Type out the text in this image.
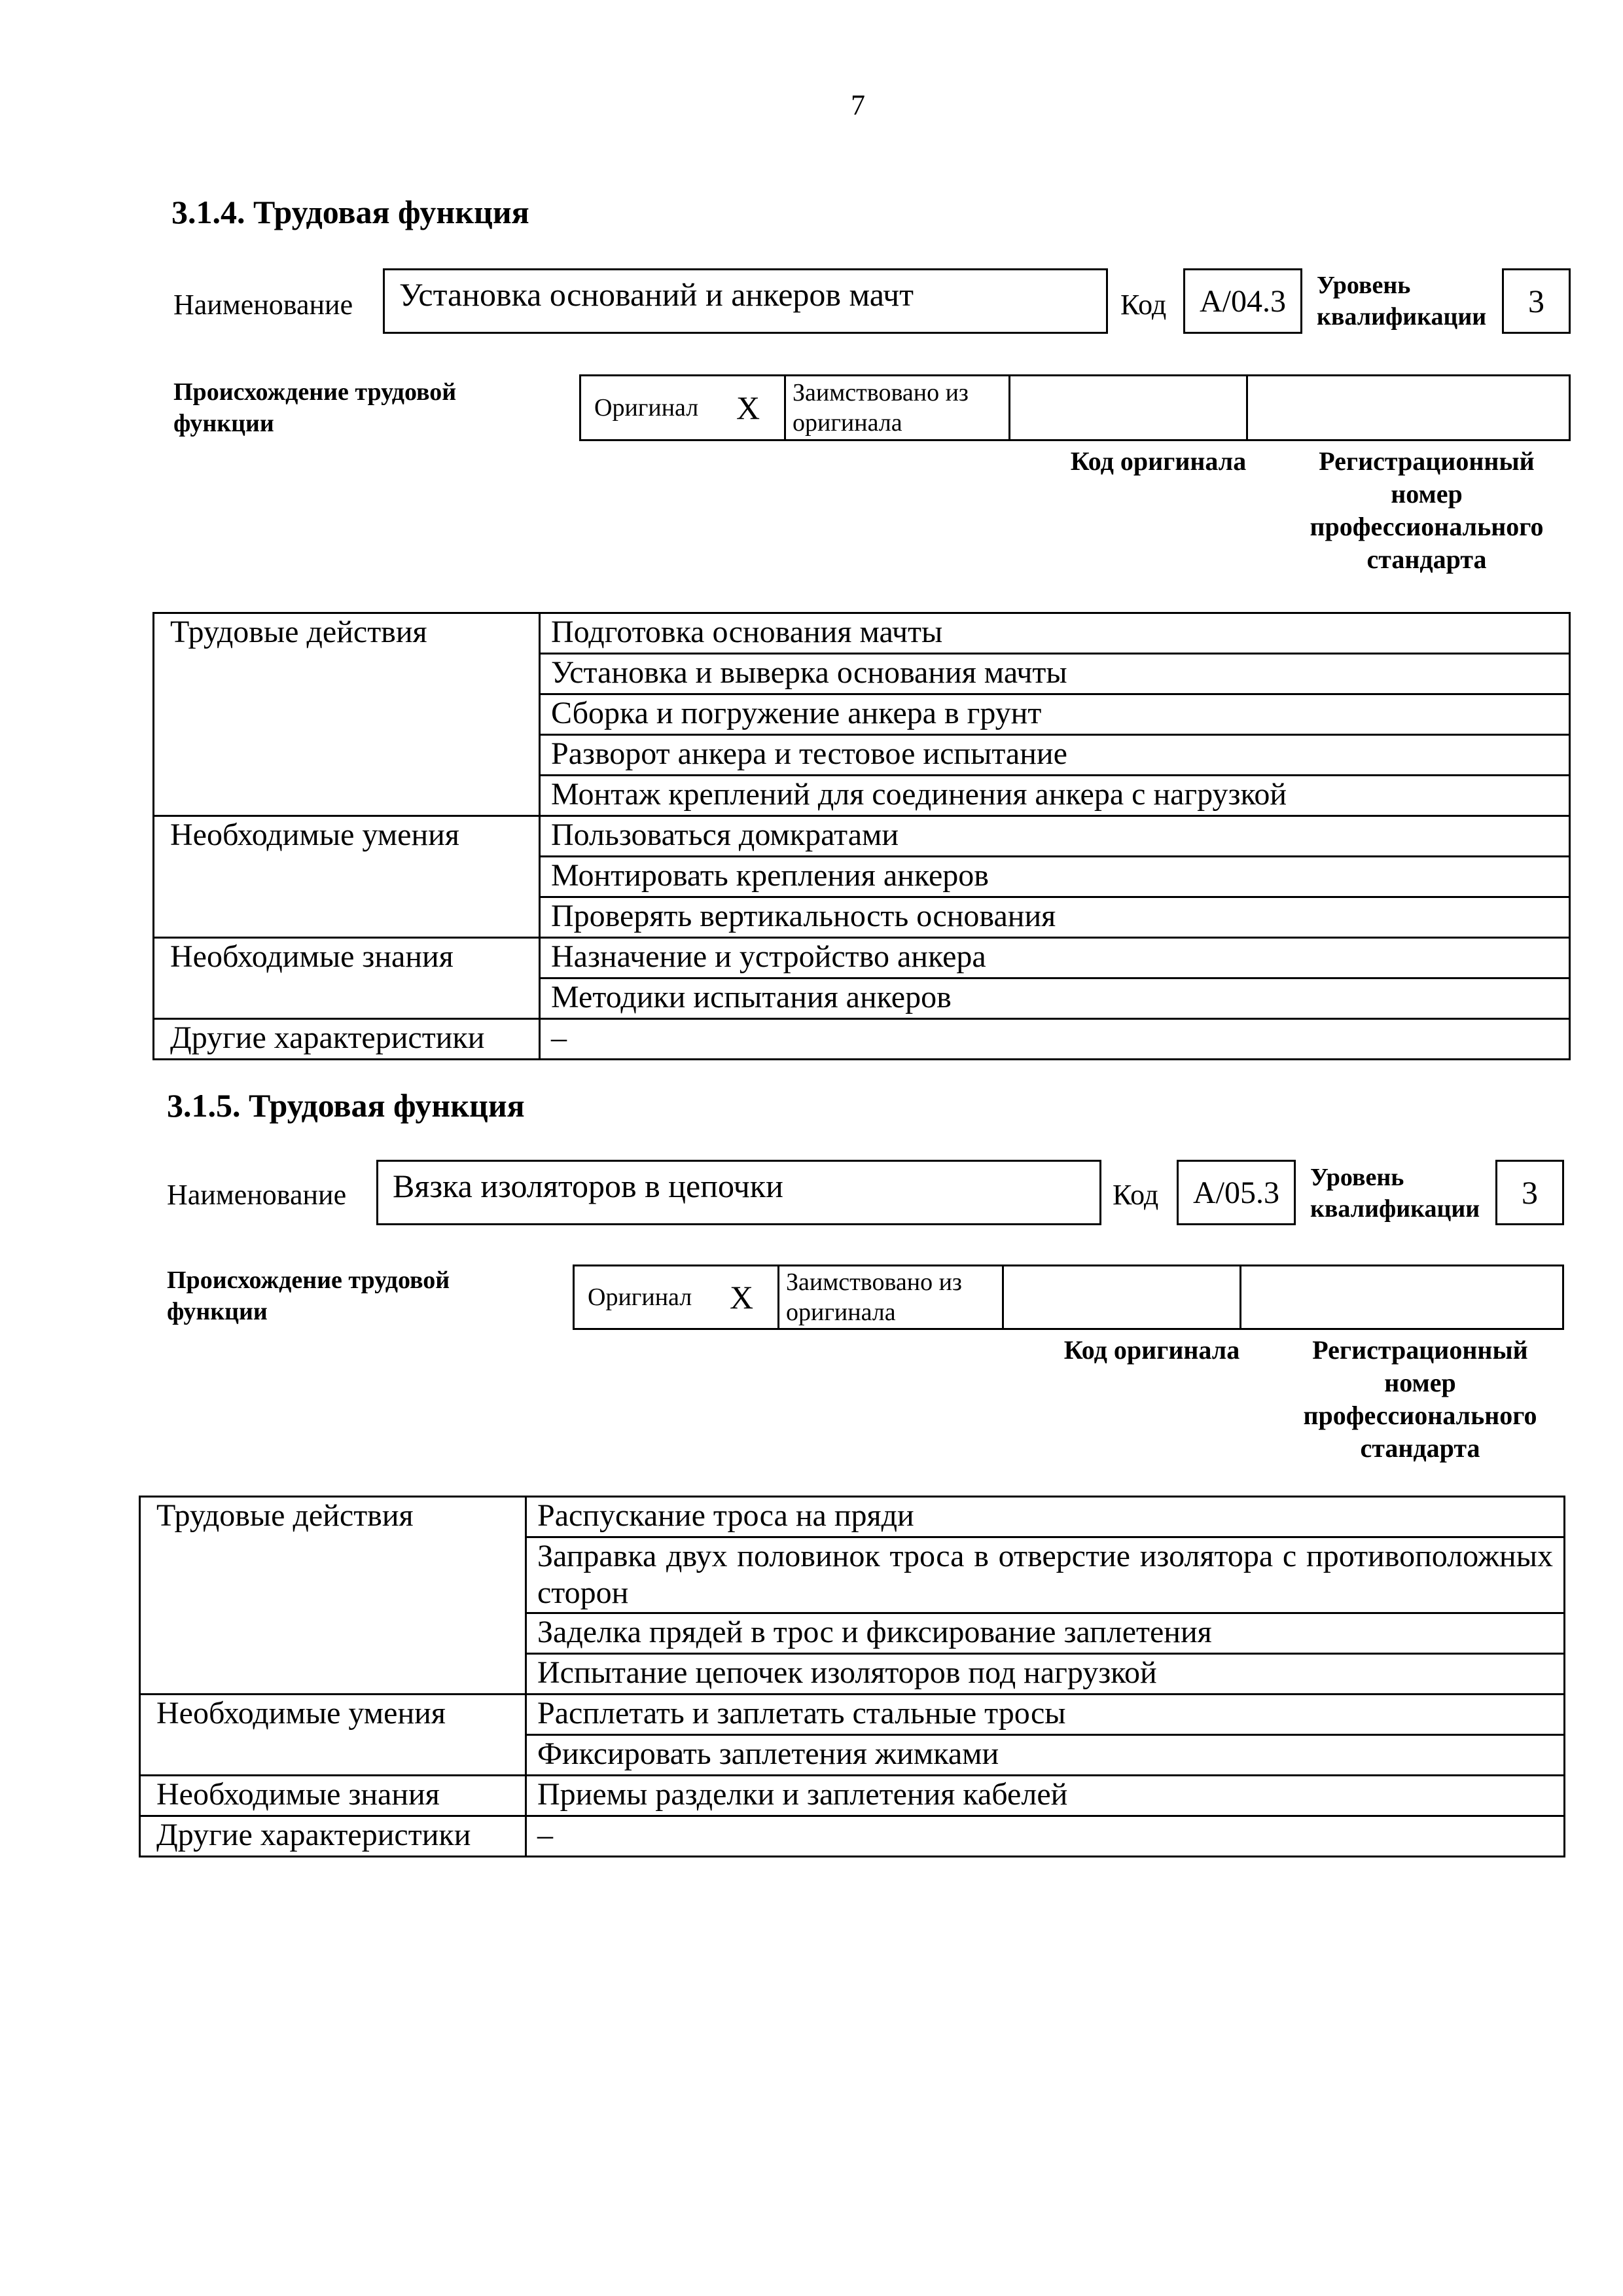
7
3.1.4. Трудовая функция
Наименование	Установка оснований и анкеров мачт	Код A/04.3 Уровень
квалификации 3
Происхождение трудовой
функции
Оригинал	X	Заимствовано из
оригинала

Код оригинала	Регистрационный
номер
профессионального
стандарта
Трудовые действия	Подготовка основания мачты
	Установка и выверка основания мачты
	Сборка и погружение анкера в грунт
	Разворот анкера и тестовое испытание
	Монтаж креплений для соединения анкера с нагрузкой
Необходимые умения	Пользоваться домкратами
	Монтировать крепления анкеров
	Проверять вертикальность основания
Необходимые знания	Назначение и устройство анкера
	Методики испытания анкеров
Другие характеристики	–
3.1.5. Трудовая функция
Наименование	Вязка изоляторов в цепочки	Код A/05.3 Уровень
квалификации 3
Происхождение трудовой
функции
Оригинал	X	Заимствовано из
оригинала

Код оригинала	Регистрационный
номер
профессионального
стандарта
Трудовые действия	Распускание троса на пряди
	Заправка двух половинок троса в отверстие изолятора с противоположных сторон
	Заделка прядей в трос и фиксирование заплетения
	Испытание цепочек изоляторов под нагрузкой
Необходимые умения	Расплетать и заплетать стальные тросы
	Фиксировать заплетения жимками
Необходимые знания	Приемы разделки и заплетения кабелей
Другие характеристики	–
